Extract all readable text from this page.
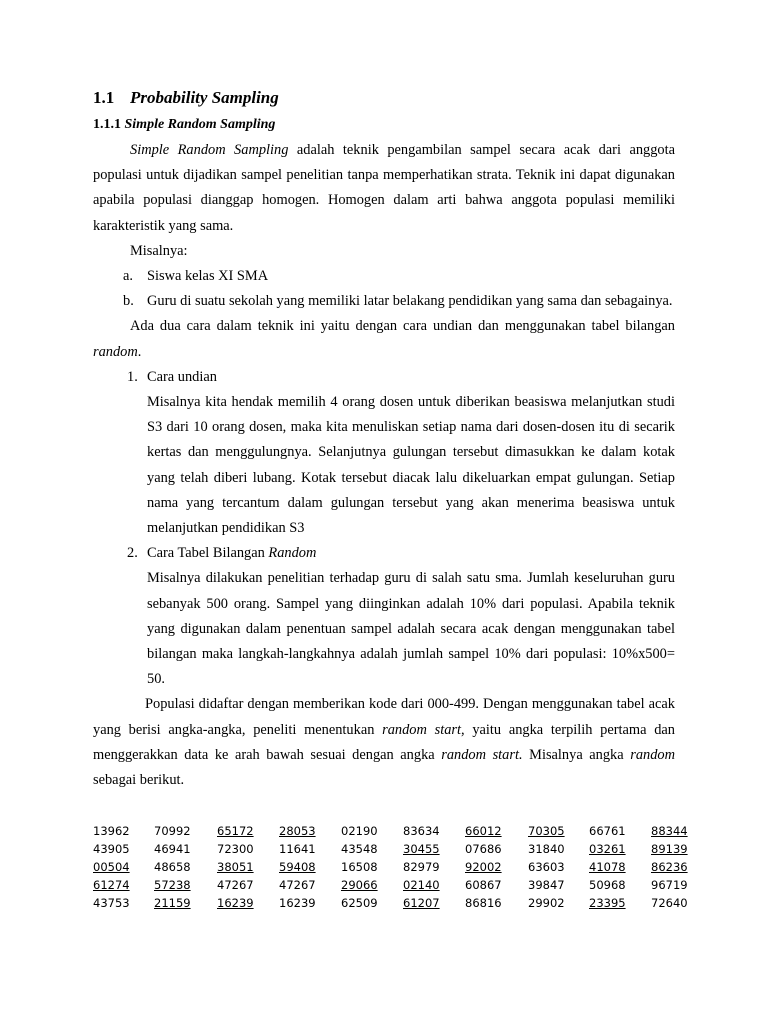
1.1 Probability Sampling
1.1.1 Simple Random Sampling

Simple Random Sampling adalah teknik pengambilan sampel secara acak dari anggota populasi untuk dijadikan sampel penelitian tanpa memperhatikan strata. Teknik ini dapat digunakan apabila populasi dianggap homogen. Homogen dalam arti bahwa anggota populasi memiliki karakteristik yang sama.

Misalnya:

a. Siswa kelas XI SMA

b. Guru di suatu sekolah yang memiliki latar belakang pendidikan yang sama dan sebagainya.

Ada dua cara dalam teknik ini yaitu dengan cara undian dan menggunakan tabel bilangan random.

1. Cara undian

Misalnya kita hendak memilih 4 orang dosen untuk diberikan beasiswa melanjutkan studi S3 dari 10 orang dosen, maka kita menuliskan setiap nama dari dosen-dosen itu di secarik kertas dan menggulungnya. Selanjutnya gulungan tersebut dimasukkan ke dalam kotak yang telah diberi lubang. Kotak tersebut diacak lalu dikeluarkan empat gulungan. Setiap nama yang tercantum dalam gulungan tersebut yang akan menerima beasiswa untuk melanjutkan pendidikan S3

2. Cara Tabel Bilangan Random

Misalnya dilakukan penelitian terhadap guru di salah satu sma. Jumlah keseluruhan guru sebanyak 500 orang. Sampel yang diinginkan adalah 10% dari populasi. Apabila teknik yang digunakan dalam penentuan sampel adalah secara acak dengan menggunakan tabel bilangan maka langkah-langkahnya adalah jumlah sampel 10% dari populasi: 10%x500= 50.

Populasi didaftar dengan memberikan kode dari 000-499. Dengan menggunakan tabel acak yang berisi angka-angka, peneliti menentukan random start, yaitu angka terpilih pertama dan menggerakkan data ke arah bawah sesuai dengan angka random start. Misalnya angka random sebagai berikut.

13962	70992	65172	28053	02190	83634	66012	70305	66761	88344
43905	46941	72300	11641	43548	30455	07686	31840	03261	89139
00504	48658	38051	59408	16508	82979	92002	63603	41078	86236
61274	57238	47267	47267	29066	02140	60867	39847	50968	96719
43753	21159	16239	16239	62509	61207	86816	29902	23395	72640
